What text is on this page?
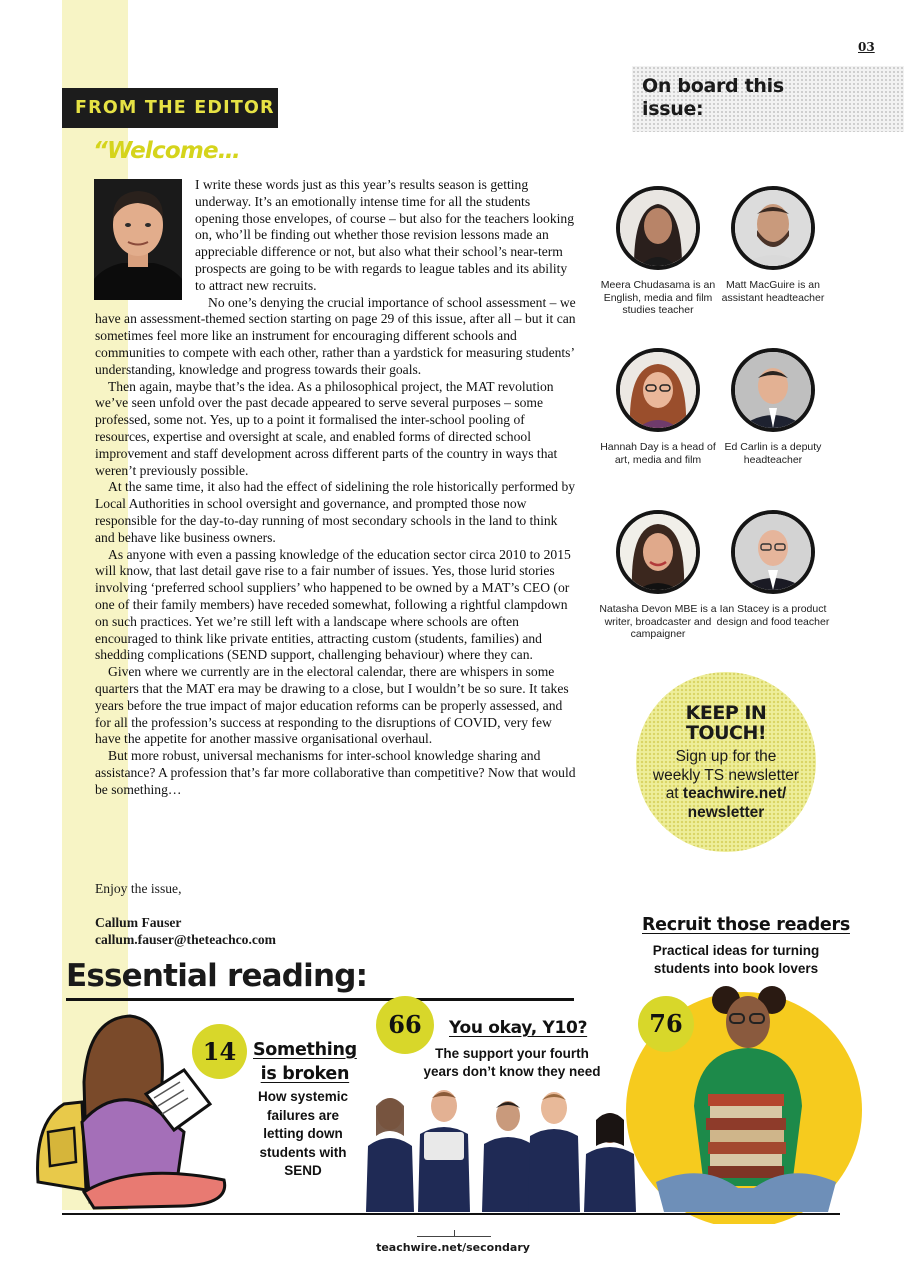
03
FROM THE EDITOR
“Welcome…

I write these words just as this year’s results season is getting underway. It’s an emotionally intense time for all the students opening those envelopes, of course – but also for the teachers looking on, who’ll be finding out whether those revision lessons made an appreciable difference or not, but also what their school’s near-term prospects are going to be with regards to league tables and its ability to attract new recruits.

No one’s denying the crucial importance of school assessment – we have an assessment-themed section starting on page 29 of this issue, after all – but it can sometimes feel more like an instrument for encouraging different schools and communities to compete with each other, rather than a yardstick for measuring students’ understanding, knowledge and progress towards their goals.

Then again, maybe that’s the idea. As a philosophical project, the MAT revolution we’ve seen unfold over the past decade appeared to serve several purposes – some professed, some not. Yes, up to a point it formalised the inter-school pooling of resources, expertise and oversight at scale, and enabled forms of directed school improvement and staff development across different parts of the country in ways that weren’t previously possible.

At the same time, it also had the effect of sidelining the role historically performed by Local Authorities in school oversight and governance, and prompted those now responsible for the day-to-day running of most secondary schools in the land to think and behave like business owners.

As anyone with even a passing knowledge of the education sector circa 2010 to 2015 will know, that last detail gave rise to a fair number of issues. Yes, those lurid stories involving ‘preferred school suppliers’ who happened to be owned by a MAT’s CEO (or one of their family members) have receded somewhat, following a rightful clampdown on such practices. Yet we’re still left with a landscape where schools are often encouraged to think like private entities, attracting custom (students, families) and shedding complications (SEND support, challenging behaviour) where they can.

Given where we currently are in the electoral calendar, there are whispers in some quarters that the MAT era may be drawing to a close, but I wouldn’t be so sure. It takes years before the true impact of major education reforms can be properly assessed, and for all the profession’s success at responding to the disruptions of COVID, very few have the appetite for another massive organisational overhaul.

But more robust, universal mechanisms for inter-school knowledge sharing and assistance? A profession that’s far more collaborative than competitive? Now that would be something…

Enjoy the issue,
Callum Fauser
callum.fauser@theteachco.com
On board this issue:
Meera Chudasama is an English, media and film studies teacher
Matt MacGuire is an assistant headteacher
Hannah Day is a head of art, media and film
Ed Carlin is a deputy headteacher
Natasha Devon MBE is a writer, broadcaster and campaigner
Ian Stacey is a product design and food teacher
KEEP IN
TOUCH!
Sign up for the
weekly TS newsletter
at teachwire.net/
newsletter
Essential reading:
14 Something
is broken
How systemic
failures are
letting down
students with
SEND
66	You okay, Y10?
The support your fourth
years don’t know they need
Recruit those readers
Practical ideas for turning
students into book lovers
76
teachwire.net/secondary
